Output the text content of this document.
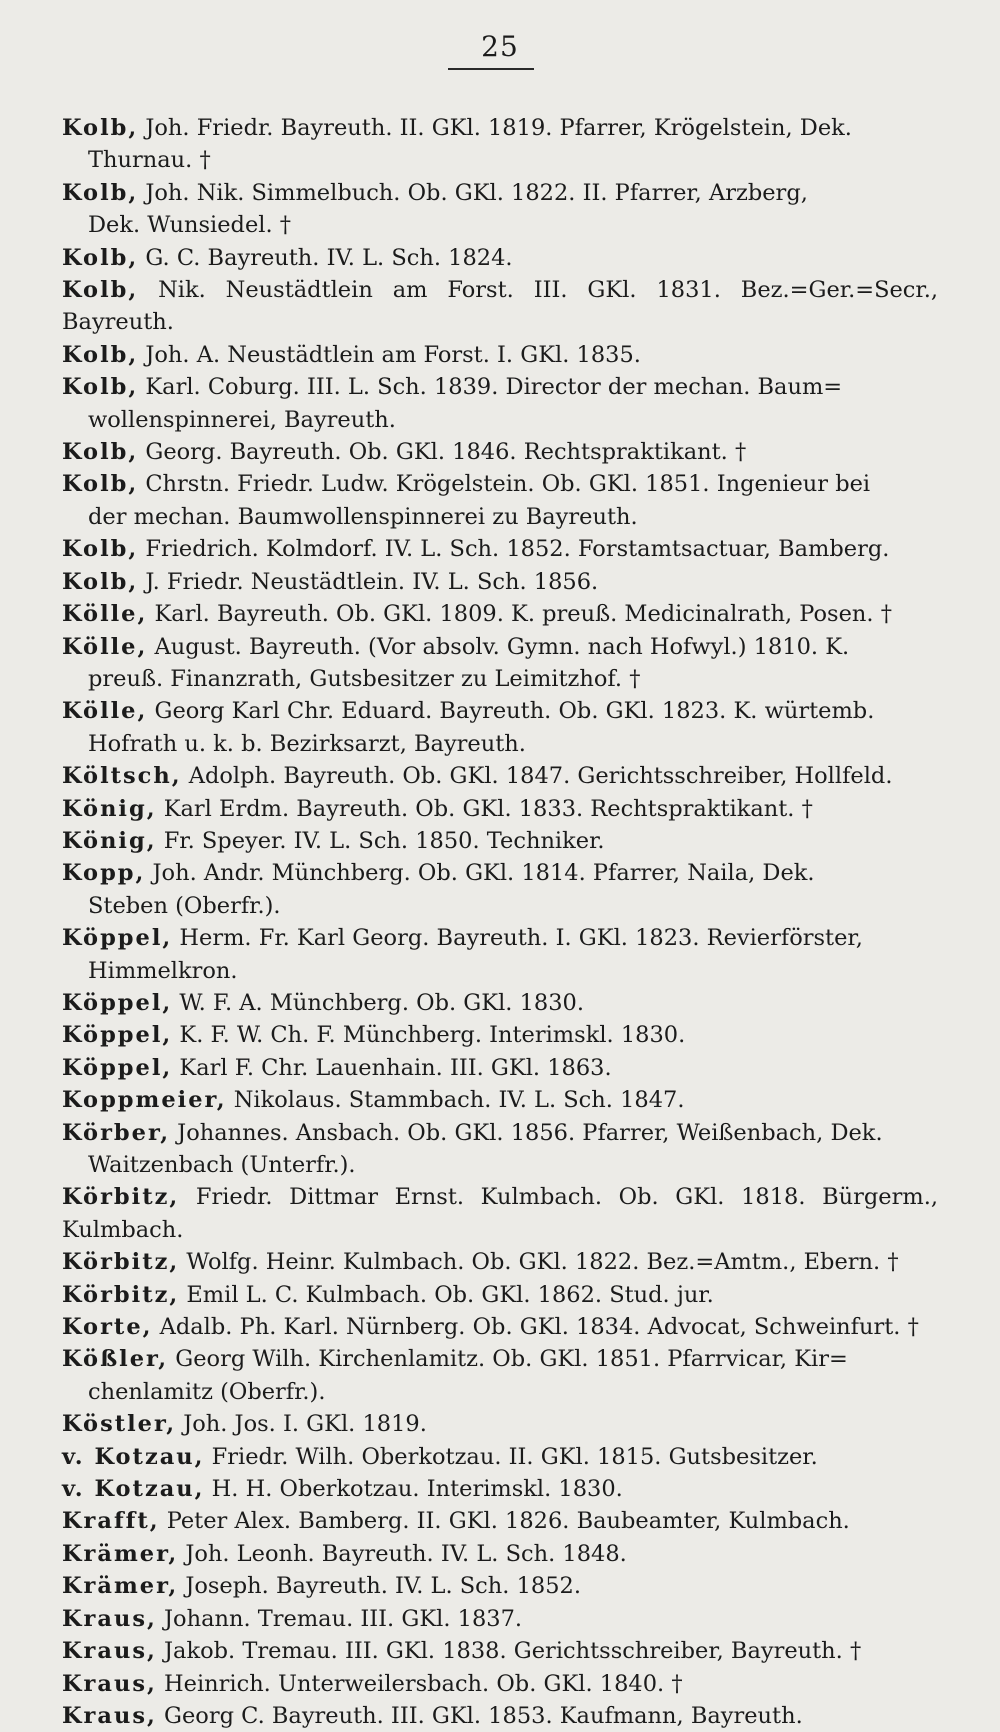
25
Kolb, Joh. Friedr. Bayreuth. II. GKl. 1819. Pfarrer, Krögelstein, Dek.
Thurnau. †
Kolb, Joh. Nik. Simmelbuch. Ob. GKl. 1822. II. Pfarrer, Arzberg,
Dek. Wunsiedel. †
Kolb, G. C. Bayreuth. IV. L. Sch. 1824.
Kolb, Nik. Neustädtlein am Forst. III. GKl. 1831. Bez.=Ger.=Secr., Bayreuth.
Kolb, Joh. A. Neustädtlein am Forst. I. GKl. 1835.
Kolb, Karl. Coburg. III. L. Sch. 1839. Director der mechan. Baum=
wollenspinnerei, Bayreuth.
Kolb, Georg. Bayreuth. Ob. GKl. 1846. Rechtspraktikant. †
Kolb, Chrstn. Friedr. Ludw. Krögelstein. Ob. GKl. 1851. Ingenieur bei
der mechan. Baumwollenspinnerei zu Bayreuth.
Kolb, Friedrich. Kolmdorf. IV. L. Sch. 1852. Forstamtsactuar, Bamberg.
Kolb, J. Friedr. Neustädtlein. IV. L. Sch. 1856.
Kölle, Karl. Bayreuth. Ob. GKl. 1809. K. preuß. Medicinalrath, Posen. †
Kölle, August. Bayreuth. (Vor absolv. Gymn. nach Hofwyl.) 1810. K.
preuß. Finanzrath, Gutsbesitzer zu Leimitzhof. †
Kölle, Georg Karl Chr. Eduard. Bayreuth. Ob. GKl. 1823. K. würtemb.
Hofrath u. k. b. Bezirksarzt, Bayreuth.
Költsch, Adolph. Bayreuth. Ob. GKl. 1847. Gerichtsschreiber, Hollfeld.
König, Karl Erdm. Bayreuth. Ob. GKl. 1833. Rechtspraktikant. †
König, Fr. Speyer. IV. L. Sch. 1850. Techniker.
Kopp, Joh. Andr. Münchberg. Ob. GKl. 1814. Pfarrer, Naila, Dek.
Steben (Oberfr.).
Köppel, Herm. Fr. Karl Georg. Bayreuth. I. GKl. 1823. Revierförster,
Himmelkron.
Köppel, W. F. A. Münchberg. Ob. GKl. 1830.
Köppel, K. F. W. Ch. F. Münchberg. Interimskl. 1830.
Köppel, Karl F. Chr. Lauenhain. III. GKl. 1863.
Koppmeier, Nikolaus. Stammbach. IV. L. Sch. 1847.
Körber, Johannes. Ansbach. Ob. GKl. 1856. Pfarrer, Weißenbach, Dek.
Waitzenbach (Unterfr.).
Körbitz, Friedr. Dittmar Ernst. Kulmbach. Ob. GKl. 1818. Bürgerm., Kulmbach.
Körbitz, Wolfg. Heinr. Kulmbach. Ob. GKl. 1822. Bez.=Amtm., Ebern. †
Körbitz, Emil L. C. Kulmbach. Ob. GKl. 1862. Stud. jur.
Korte, Adalb. Ph. Karl. Nürnberg. Ob. GKl. 1834. Advocat, Schweinfurt. †
Kößler, Georg Wilh. Kirchenlamitz. Ob. GKl. 1851. Pfarrvicar, Kir=
chenlamitz (Oberfr.).
Köstler, Joh. Jos. I. GKl. 1819.
v. Kotzau, Friedr. Wilh. Oberkotzau. II. GKl. 1815. Gutsbesitzer.
v. Kotzau, H. H. Oberkotzau. Interimskl. 1830.
Krafft, Peter Alex. Bamberg. II. GKl. 1826. Baubeamter, Kulmbach.
Krämer, Joh. Leonh. Bayreuth. IV. L. Sch. 1848.
Krämer, Joseph. Bayreuth. IV. L. Sch. 1852.
Kraus, Johann. Tremau. III. GKl. 1837.
Kraus, Jakob. Tremau. III. GKl. 1838. Gerichtsschreiber, Bayreuth. †
Kraus, Heinrich. Unterweilersbach. Ob. GKl. 1840. †
Kraus, Georg C. Bayreuth. III. GKl. 1853. Kaufmann, Bayreuth.
